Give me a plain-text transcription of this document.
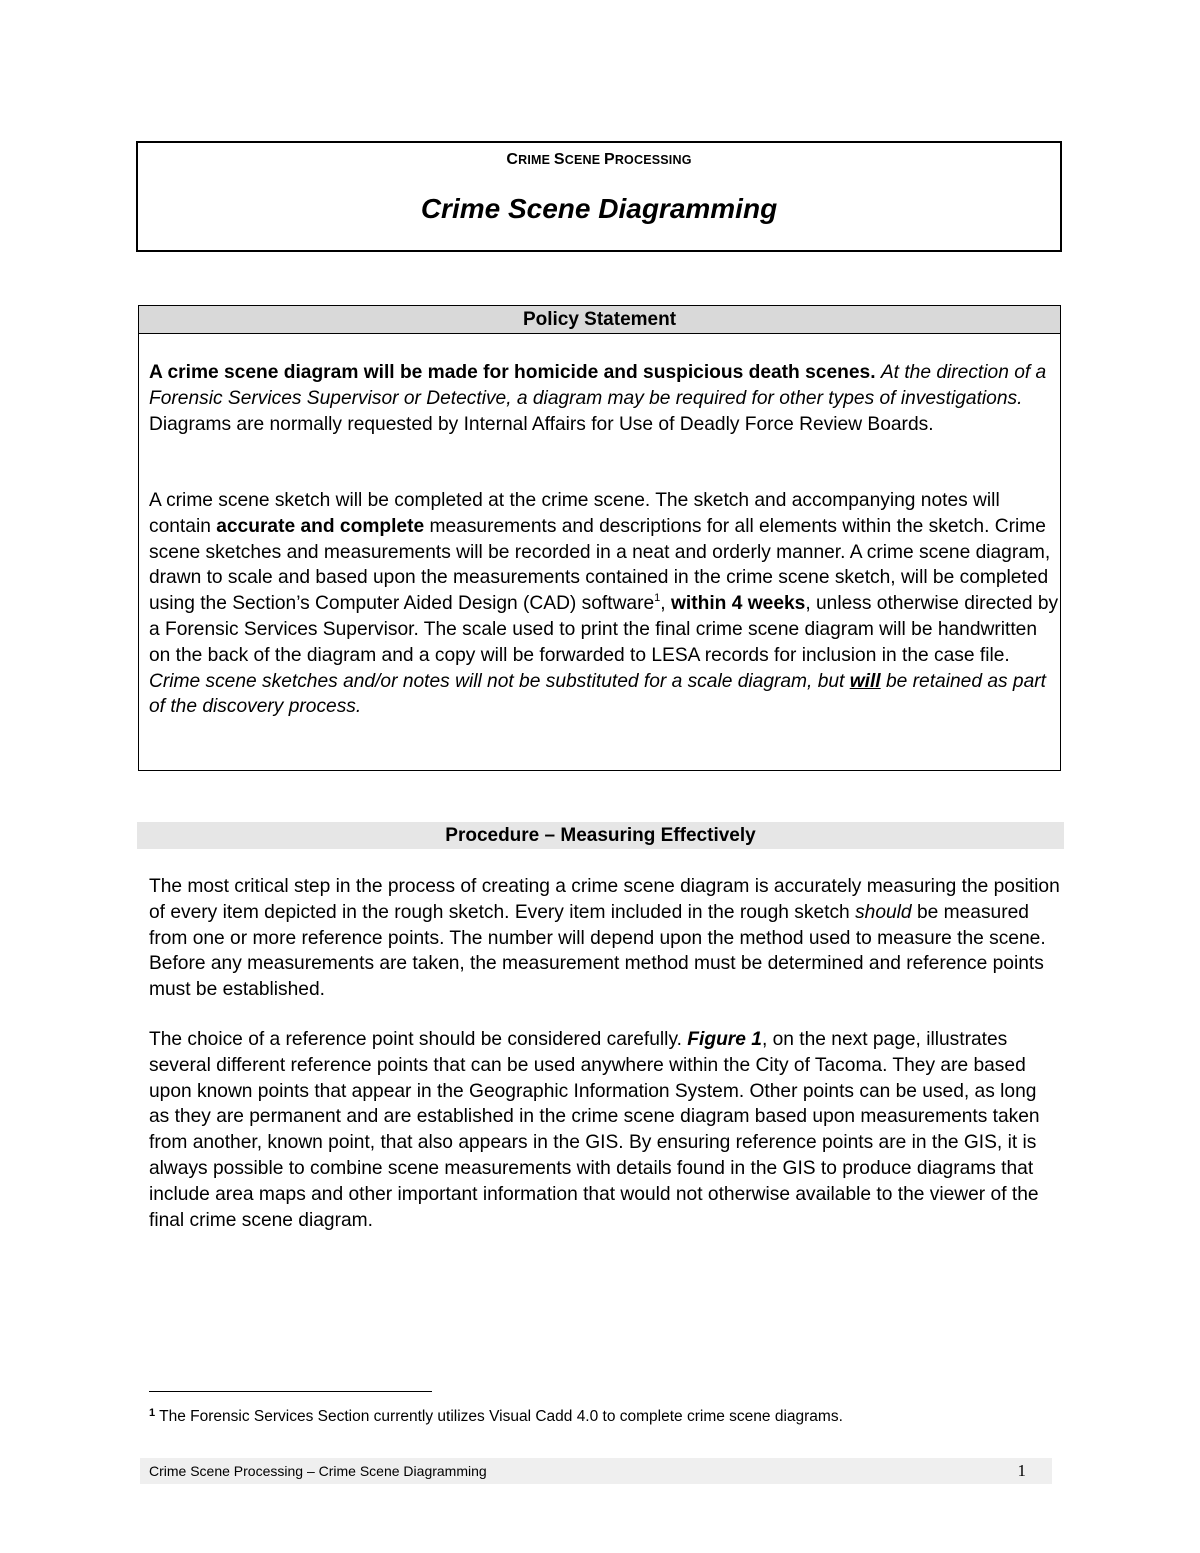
CRIME SCENE PROCESSING
Crime Scene Diagramming
Policy Statement
A crime scene diagram will be made for homicide and suspicious death scenes. At the direction of a Forensic Services Supervisor or Detective, a diagram may be required for other types of investigations. Diagrams are normally requested by Internal Affairs for Use of Deadly Force Review Boards.
A crime scene sketch will be completed at the crime scene. The sketch and accompanying notes will contain accurate and complete measurements and descriptions for all elements within the sketch. Crime scene sketches and measurements will be recorded in a neat and orderly manner. A crime scene diagram, drawn to scale and based upon the measurements contained in the crime scene sketch, will be completed using the Section’s Computer Aided Design (CAD) software$^1$, within 4 weeks, unless otherwise directed by a Forensic Services Supervisor. The scale used to print the final crime scene diagram will be handwritten on the back of the diagram and a copy will be forwarded to LESA records for inclusion in the case file. Crime scene sketches and/or notes will not be substituted for a scale diagram, but will be retained as part of the discovery process.
Procedure – Measuring Effectively
The most critical step in the process of creating a crime scene diagram is accurately measuring the position of every item depicted in the rough sketch. Every item included in the rough sketch should be measured from one or more reference points. The number will depend upon the method used to measure the scene. Before any measurements are taken, the measurement method must be determined and reference points must be established.
The choice of a reference point should be considered carefully. Figure 1, on the next page, illustrates several different reference points that can be used anywhere within the City of Tacoma. They are based upon known points that appear in the Geographic Information System. Other points can be used, as long as they are permanent and are established in the crime scene diagram based upon measurements taken from another, known point, that also appears in the GIS. By ensuring reference points are in the GIS, it is always possible to combine scene measurements with details found in the GIS to produce diagrams that include area maps and other important information that would not otherwise available to the viewer of the final crime scene diagram.
$^1$ The Forensic Services Section currently utilizes Visual Cadd 4.0 to complete crime scene diagrams.
Crime Scene Processing – Crime Scene Diagramming	1
